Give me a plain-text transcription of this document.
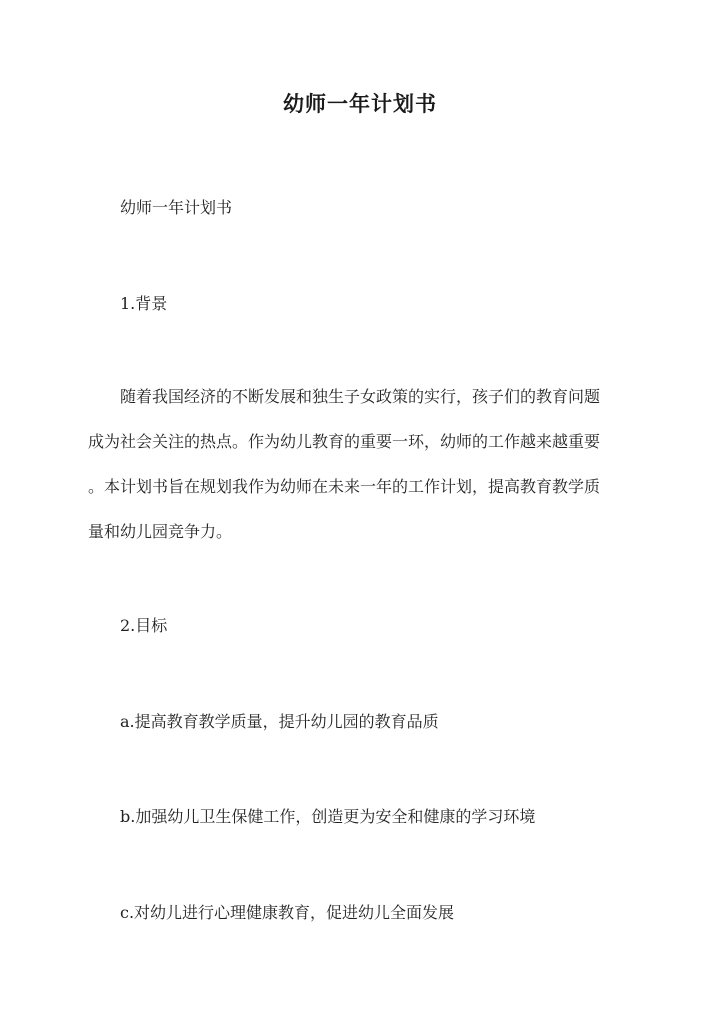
幼师一年计划书
幼师一年计划书
1.背景
随着我国经济的不断发展和独生子女政策的实行，孩子们的教育问题
成为社会关注的热点。作为幼儿教育的重要一环，幼师的工作越来越重要
。本计划书旨在规划我作为幼师在未来一年的工作计划，提高教育教学质
量和幼儿园竞争力。
2.目标
a.提高教育教学质量，提升幼儿园的教育品质
b.加强幼儿卫生保健工作，创造更为安全和健康的学习环境
c.对幼儿进行心理健康教育，促进幼儿全面发展
